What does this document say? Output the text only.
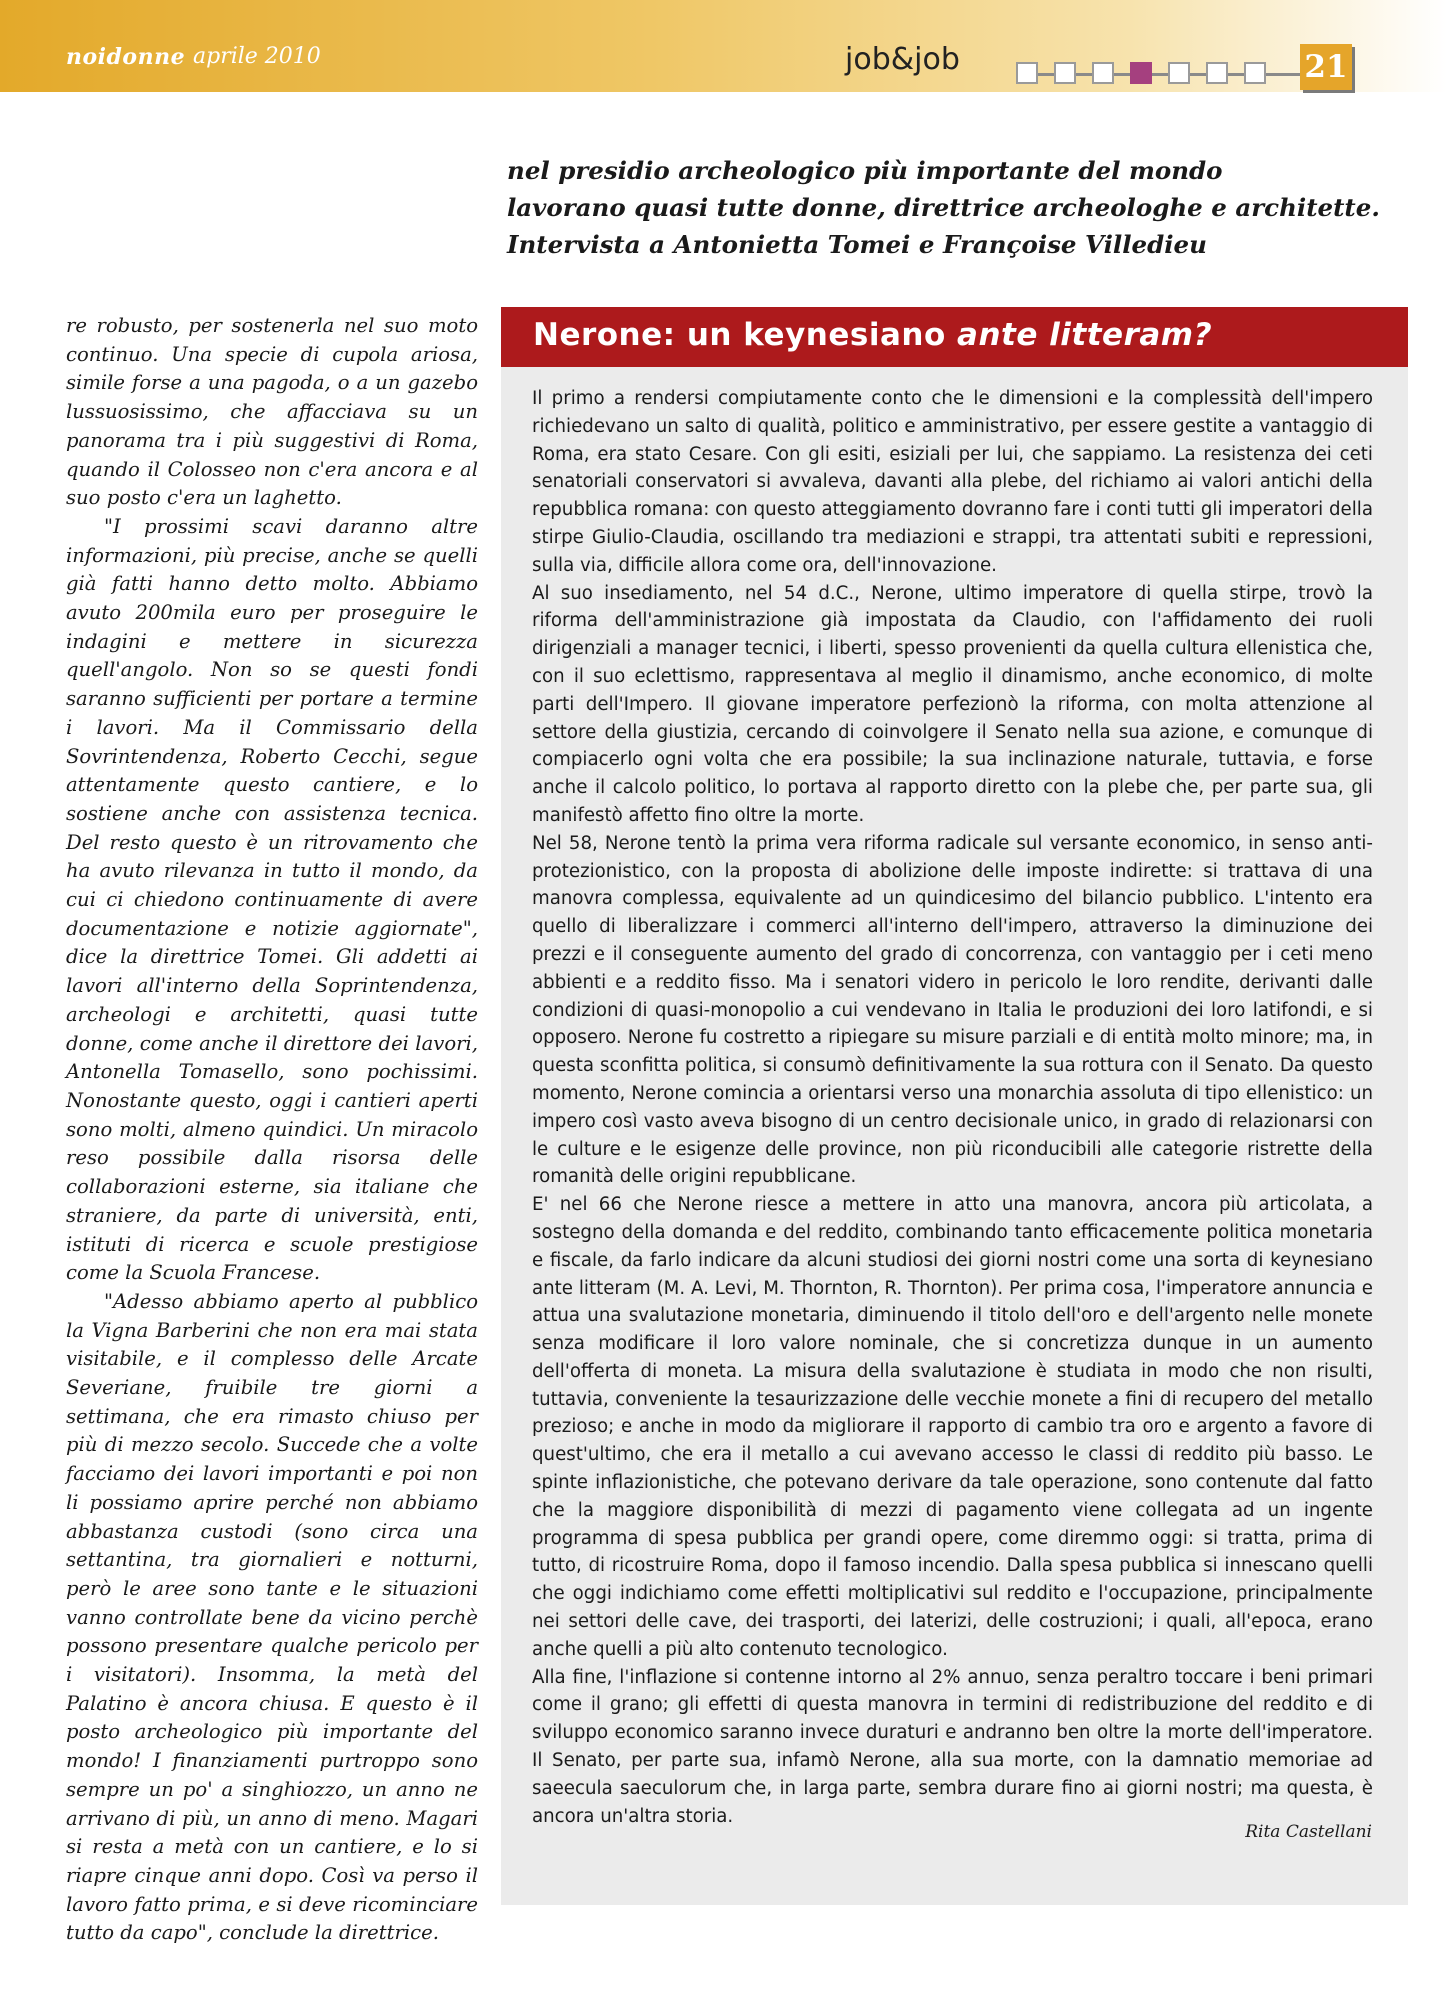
noidonne aprile 2010	job&job	21
nel presidio archeologico più importante del mondo
lavorano quasi tutte donne, direttrice archeologhe e architette.
Intervista a Antonietta Tomei e Françoise Villedieu

re robusto, per sostenerla nel suo moto continuo. Una specie di cupola ariosa, simile forse a una pagoda, o a un gazebo lussuosissimo, che affacciava su un panorama tra i più suggestivi di Roma, quando il Colosseo non c'era ancora e al suo posto c'era un laghetto.

"I prossimi scavi daranno altre informazioni, più precise, anche se quelli già fatti hanno detto molto. Abbiamo avuto 200mila euro per proseguire le indagini e mettere in sicurezza quell'angolo. Non so se questi fondi saranno sufficienti per portare a termine i lavori. Ma il Commissario della Sovrintendenza, Roberto Cecchi, segue attentamente questo cantiere, e lo sostiene anche con assistenza tecnica. Del resto questo è un ritrovamento che ha avuto rilevanza in tutto il mondo, da cui ci chiedono continuamente di avere documentazione e notizie aggiornate", dice la direttrice Tomei. Gli addetti ai lavori all'interno della Soprintendenza, archeologi e architetti, quasi tutte donne, come anche il direttore dei lavori, Antonella Tomasello, sono pochissimi. Nonostante questo, oggi i cantieri aperti sono molti, almeno quindici. Un miracolo reso possibile dalla risorsa delle collaborazioni esterne, sia italiane che straniere, da parte di università, enti, istituti di ricerca e scuole prestigiose come la Scuola Francese.

"Adesso abbiamo aperto al pubblico la Vigna Barberini che non era mai stata visitabile, e il complesso delle Arcate Severiane, fruibile tre giorni a settimana, che era rimasto chiuso per più di mezzo secolo. Succede che a volte facciamo dei lavori importanti e poi non li possiamo aprire perché non abbiamo abbastanza custodi (sono circa una settantina, tra giornalieri e notturni, però le aree sono tante e le situazioni vanno controllate bene da vicino perchè possono presentare qualche pericolo per i visitatori). Insomma, la metà del Palatino è ancora chiusa. E questo è il posto archeologico più importante del mondo! I finanziamenti purtroppo sono sempre un po' a singhiozzo, un anno ne arrivano di più, un anno di meno. Magari si resta a metà con un cantiere, e lo si riapre cinque anni dopo. Così va perso il lavoro fatto prima, e si deve ricominciare tutto da capo", conclude la direttrice.

Nerone: un keynesiano ante litteram?

Il primo a rendersi compiutamente conto che le dimensioni e la complessità dell'impero richiedevano un salto di qualità, politico e amministrativo, per essere gestite a vantaggio di Roma, era stato Cesare. Con gli esiti, esiziali per lui, che sappiamo. La resistenza dei ceti senatoriali conservatori si avvaleva, davanti alla plebe, del richiamo ai valori antichi della repubblica romana: con questo atteggiamento dovranno fare i conti tutti gli imperatori della stirpe Giulio-Claudia, oscillando tra mediazioni e strappi, tra attentati subiti e repressioni, sulla via, difficile allora come ora, dell'innovazione.

Al suo insediamento, nel 54 d.C., Nerone, ultimo imperatore di quella stirpe, trovò la riforma dell'amministrazione già impostata da Claudio, con l'affidamento dei ruoli dirigenziali a manager tecnici, i liberti, spesso provenienti da quella cultura ellenistica che, con il suo eclettismo, rappresentava al meglio il dinamismo, anche economico, di molte parti dell'Impero. Il giovane imperatore perfezionò la riforma, con molta attenzione al settore della giustizia, cercando di coinvolgere il Senato nella sua azione, e comunque di compiacerlo ogni volta che era possibile; la sua inclinazione naturale, tuttavia, e forse anche il calcolo politico, lo portava al rapporto diretto con la plebe che, per parte sua, gli manifestò affetto fino oltre la morte.

Nel 58, Nerone tentò la prima vera riforma radicale sul versante economico, in senso anti-protezionistico, con la proposta di abolizione delle imposte indirette: si trattava di una manovra complessa, equivalente ad un quindicesimo del bilancio pubblico. L'intento era quello di liberalizzare i commerci all'interno dell'impero, attraverso la diminuzione dei prezzi e il conseguente aumento del grado di concorrenza, con vantaggio per i ceti meno abbienti e a reddito fisso. Ma i senatori videro in pericolo le loro rendite, derivanti dalle condizioni di quasi-monopolio a cui vendevano in Italia le produzioni dei loro latifondi, e si opposero. Nerone fu costretto a ripiegare su misure parziali e di entità molto minore; ma, in questa sconfitta politica, si consumò definitivamente la sua rottura con il Senato. Da questo momento, Nerone comincia a orientarsi verso una monarchia assoluta di tipo ellenistico: un impero così vasto aveva bisogno di un centro decisionale unico, in grado di relazionarsi con le culture e le esigenze delle province, non più riconducibili alle categorie ristrette della romanità delle origini repubblicane.

E' nel 66 che Nerone riesce a mettere in atto una manovra, ancora più articolata, a sostegno della domanda e del reddito, combinando tanto efficacemente politica monetaria e fiscale, da farlo indicare da alcuni studiosi dei giorni nostri come una sorta di keynesiano ante litteram (M. A. Levi, M. Thornton, R. Thornton). Per prima cosa, l'imperatore annuncia e attua una svalutazione monetaria, diminuendo il titolo dell'oro e dell'argento nelle monete senza modificare il loro valore nominale, che si concretizza dunque in un aumento dell'offerta di moneta. La misura della svalutazione è studiata in modo che non risulti, tuttavia, conveniente la tesaurizzazione delle vecchie monete a fini di recupero del metallo prezioso; e anche in modo da migliorare il rapporto di cambio tra oro e argento a favore di quest'ultimo, che era il metallo a cui avevano accesso le classi di reddito più basso. Le spinte inflazionistiche, che potevano derivare da tale operazione, sono contenute dal fatto che la maggiore disponibilità di mezzi di pagamento viene collegata ad un ingente programma di spesa pubblica per grandi opere, come diremmo oggi: si tratta, prima di tutto, di ricostruire Roma, dopo il famoso incendio. Dalla spesa pubblica si innescano quelli che oggi indichiamo come effetti moltiplicativi sul reddito e l'occupazione, principalmente nei settori delle cave, dei trasporti, dei laterizi, delle costruzioni; i quali, all'epoca, erano anche quelli a più alto contenuto tecnologico.

Alla fine, l'inflazione si contenne intorno al 2% annuo, senza peraltro toccare i beni primari come il grano; gli effetti di questa manovra in termini di redistribuzione del reddito e di sviluppo economico saranno invece duraturi e andranno ben oltre la morte dell'imperatore. Il Senato, per parte sua, infamò Nerone, alla sua morte, con la damnatio memoriae ad saeecula saeculorum che, in larga parte, sembra durare fino ai giorni nostri; ma questa, è ancora un'altra storia.

Rita Castellani
